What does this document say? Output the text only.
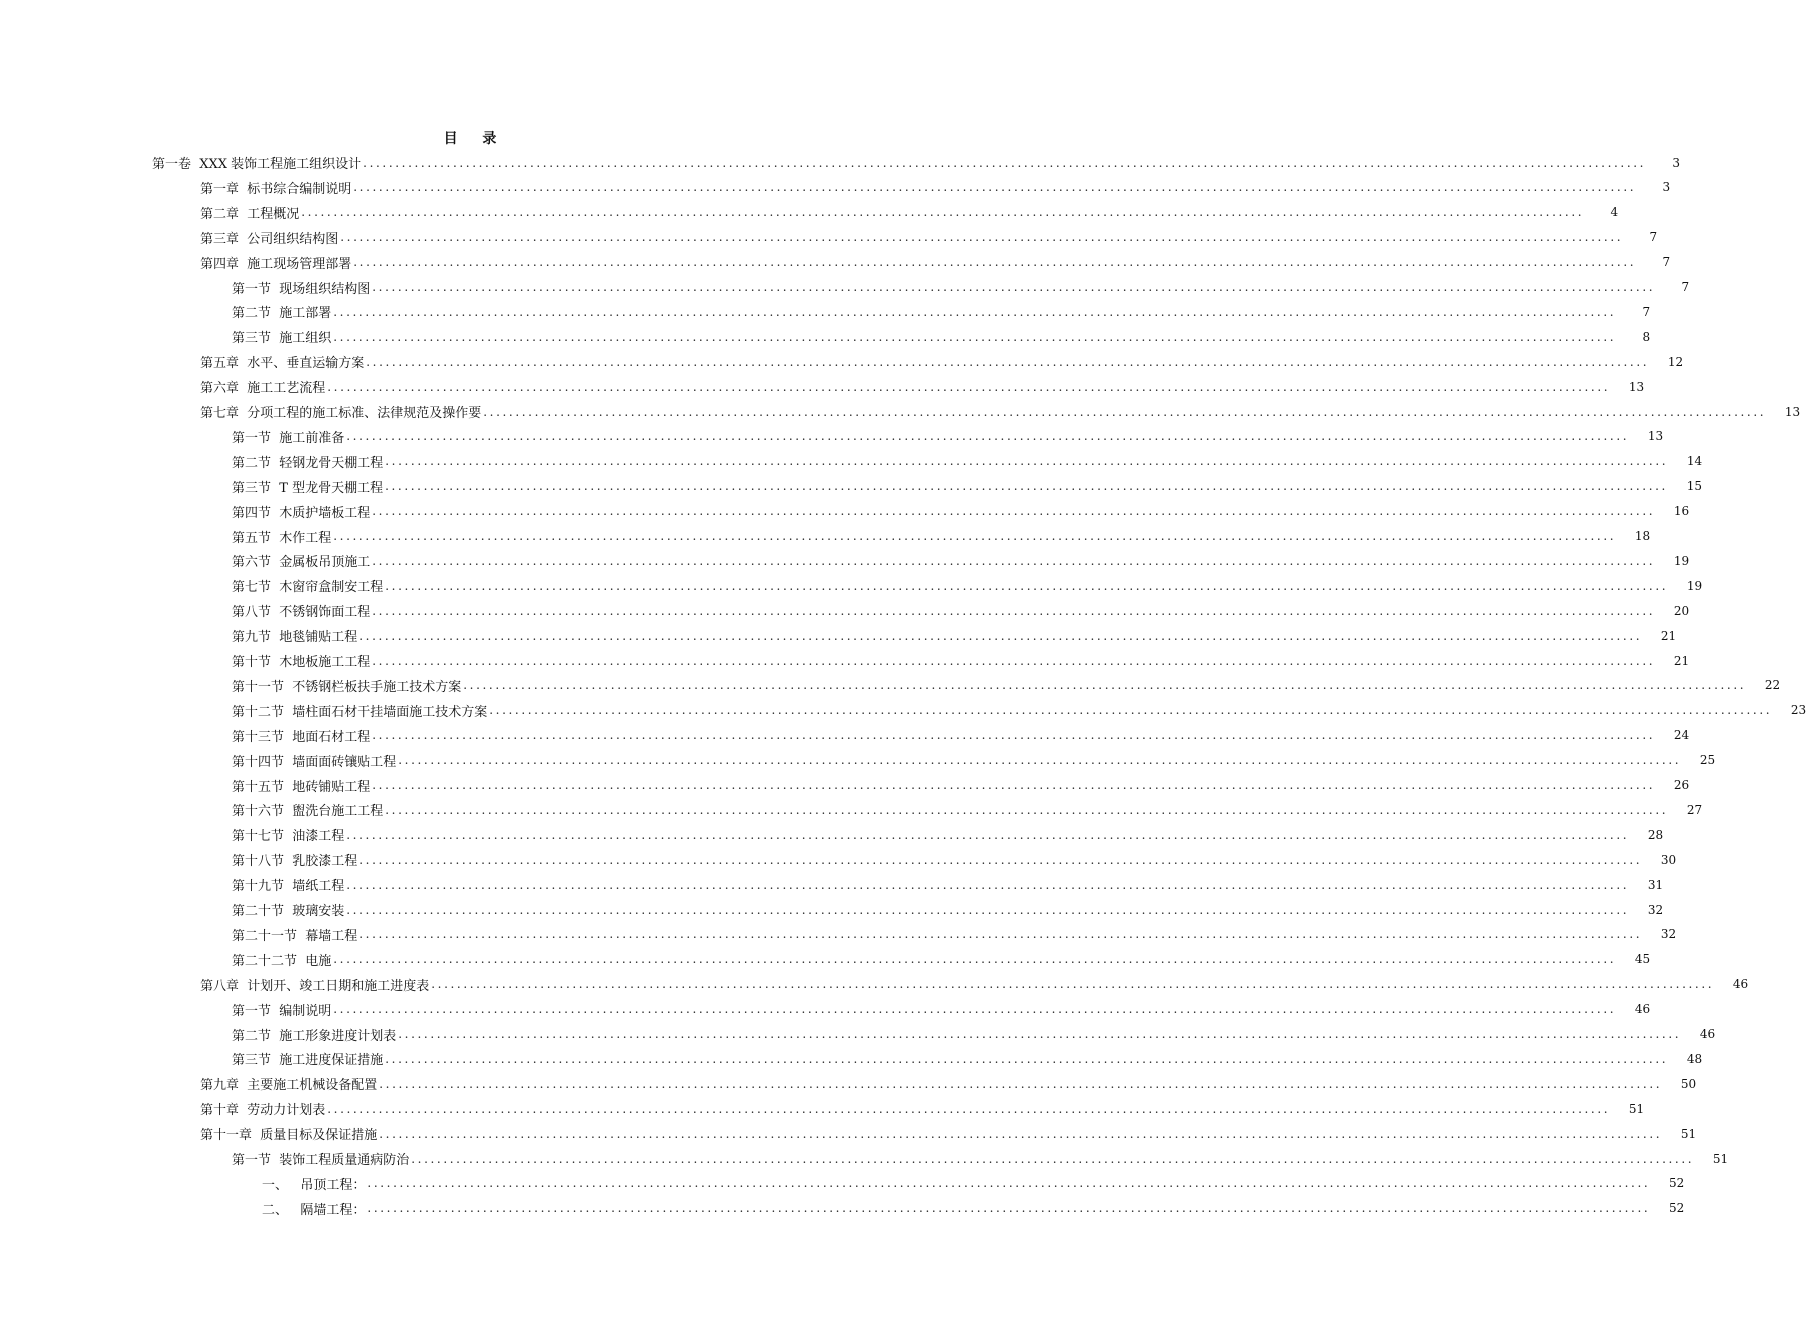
目 录
第一卷  XXX 装饰工程施工组织设计 ........................................................................................................................................................................................................	3
第一章  标书综合编制说明 ........................................................................................................................................................................................................	3
第二章  工程概况 ........................................................................................................................................................................................................	4
第三章  公司组织结构图 ........................................................................................................................................................................................................	7
第四章  施工现场管理部署 ........................................................................................................................................................................................................	7
第一节  现场组织结构图 ........................................................................................................................................................................................................	7
第二节  施工部署 ........................................................................................................................................................................................................	7
第三节  施工组织 ........................................................................................................................................................................................................	8
第五章  水平、垂直运输方案 ........................................................................................................................................................................................................	12
第六章  施工工艺流程 ........................................................................................................................................................................................................	13
第七章  分项工程的施工标准、法律规范及操作要 ........................................................................................................................................................................................................	13
第一节  施工前准备 ........................................................................................................................................................................................................	13
第二节  轻钢龙骨天棚工程 ........................................................................................................................................................................................................	14
第三节  T 型龙骨天棚工程 ........................................................................................................................................................................................................	15
第四节  木质护墙板工程 ........................................................................................................................................................................................................	16
第五节  木作工程 ........................................................................................................................................................................................................	18
第六节  金属板吊顶施工 ........................................................................................................................................................................................................	19
第七节  木窗帘盒制安工程 ........................................................................................................................................................................................................	19
第八节  不锈钢饰面工程 ........................................................................................................................................................................................................	20
第九节  地毯铺贴工程 ........................................................................................................................................................................................................	21
第十节  木地板施工工程 ........................................................................................................................................................................................................	21
第十一节  不锈钢栏板扶手施工技术方案 ........................................................................................................................................................................................................	22
第十二节  墙柱面石材干挂墙面施工技术方案 ........................................................................................................................................................................................................	23
第十三节  地面石材工程 ........................................................................................................................................................................................................	24
第十四节  墙面面砖镶贴工程 ........................................................................................................................................................................................................	25
第十五节  地砖铺贴工程 ........................................................................................................................................................................................................	26
第十六节  盥洗台施工工程 ........................................................................................................................................................................................................	27
第十七节  油漆工程 ........................................................................................................................................................................................................	28
第十八节  乳胶漆工程 ........................................................................................................................................................................................................	30
第十九节  墙纸工程 ........................................................................................................................................................................................................	31
第二十节  玻璃安装 ........................................................................................................................................................................................................	32
第二十一节  幕墙工程 ........................................................................................................................................................................................................	32
第二十二节  电施 ........................................................................................................................................................................................................	45
第八章  计划开、竣工日期和施工进度表 ........................................................................................................................................................................................................	46
第一节  编制说明 ........................................................................................................................................................................................................	46
第二节  施工形象进度计划表 ........................................................................................................................................................................................................	46
第三节  施工进度保证措施 ........................................................................................................................................................................................................	48
第九章  主要施工机械设备配置 ........................................................................................................................................................................................................	50
第十章  劳动力计划表 ........................................................................................................................................................................................................	51
第十一章  质量目标及保证措施 ........................................................................................................................................................................................................	51
第一节  装饰工程质量通病防治 ........................................................................................................................................................................................................	51
一、   吊顶工程： ........................................................................................................................................................................................................	52
二、   隔墙工程： ........................................................................................................................................................................................................	52
